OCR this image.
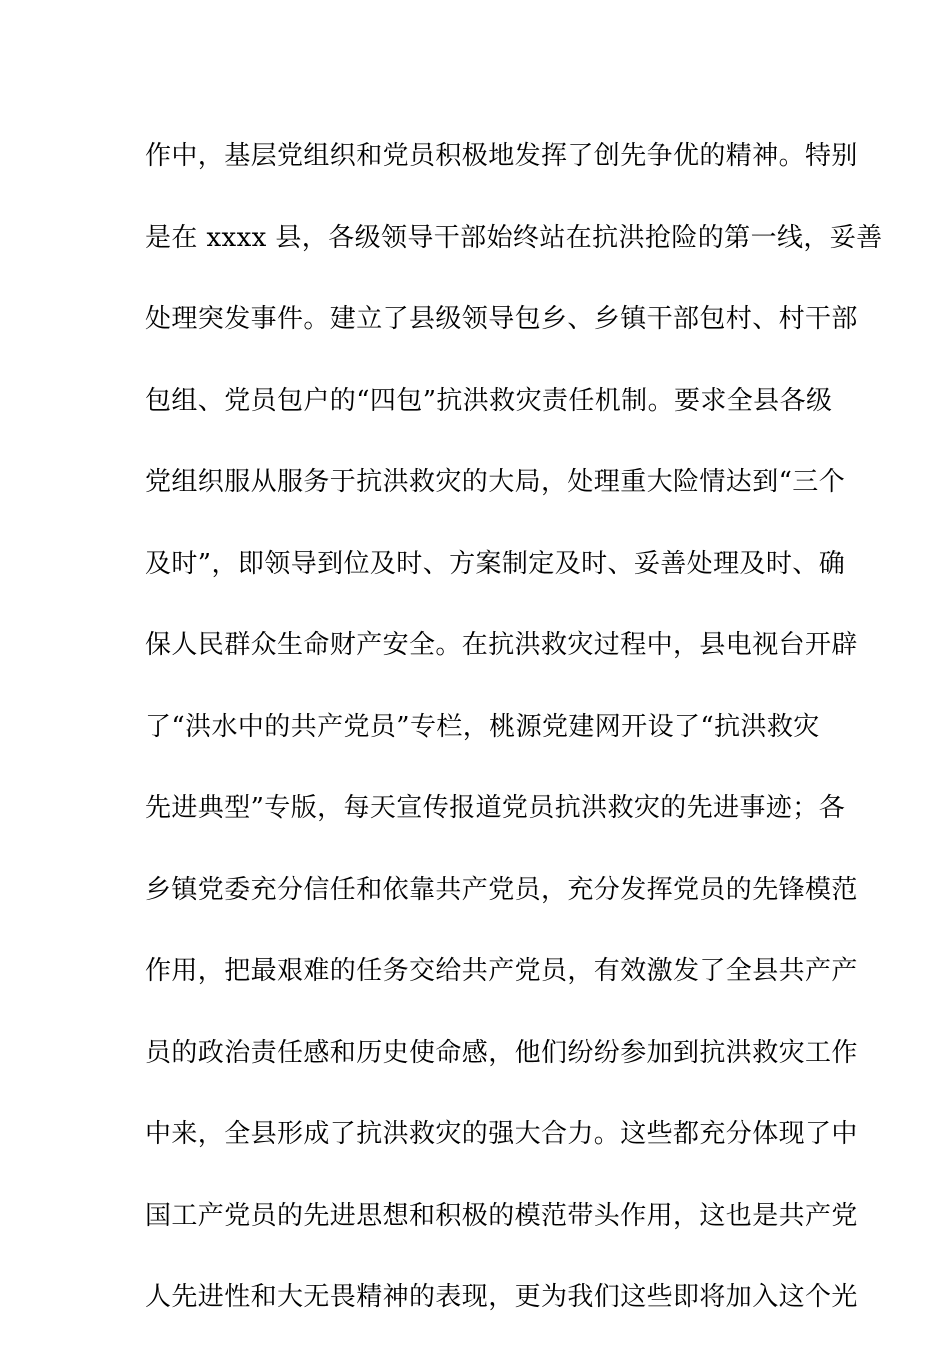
作中，基层党组织和党员积极地发挥了创先争优的精神。特别
是在 xxxx 县，各级领导干部始终站在抗洪抢险的第一线，妥善
处理突发事件。建立了县级领导包乡、乡镇干部包村、村干部
包组、党员包户的“四包”抗洪救灾责任机制。要求全县各级
党组织服从服务于抗洪救灾的大局，处理重大险情达到“三个
及时”，即领导到位及时、方案制定及时、妥善处理及时、确
保人民群众生命财产安全。在抗洪救灾过程中，县电视台开辟
了“洪水中的共产党员”专栏，桃源党建网开设了“抗洪救灾
先进典型”专版，每天宣传报道党员抗洪救灾的先进事迹；各
乡镇党委充分信任和依靠共产党员，充分发挥党员的先锋模范
作用，把最艰难的任务交给共产党员，有效激发了全县共产产
员的政治责任感和历史使命感，他们纷纷参加到抗洪救灾工作
中来，全县形成了抗洪救灾的强大合力。这些都充分体现了中
国工产党员的先进思想和积极的模范带头作用，这也是共产党
人先进性和大无畏精神的表现，更为我们这些即将加入这个光
